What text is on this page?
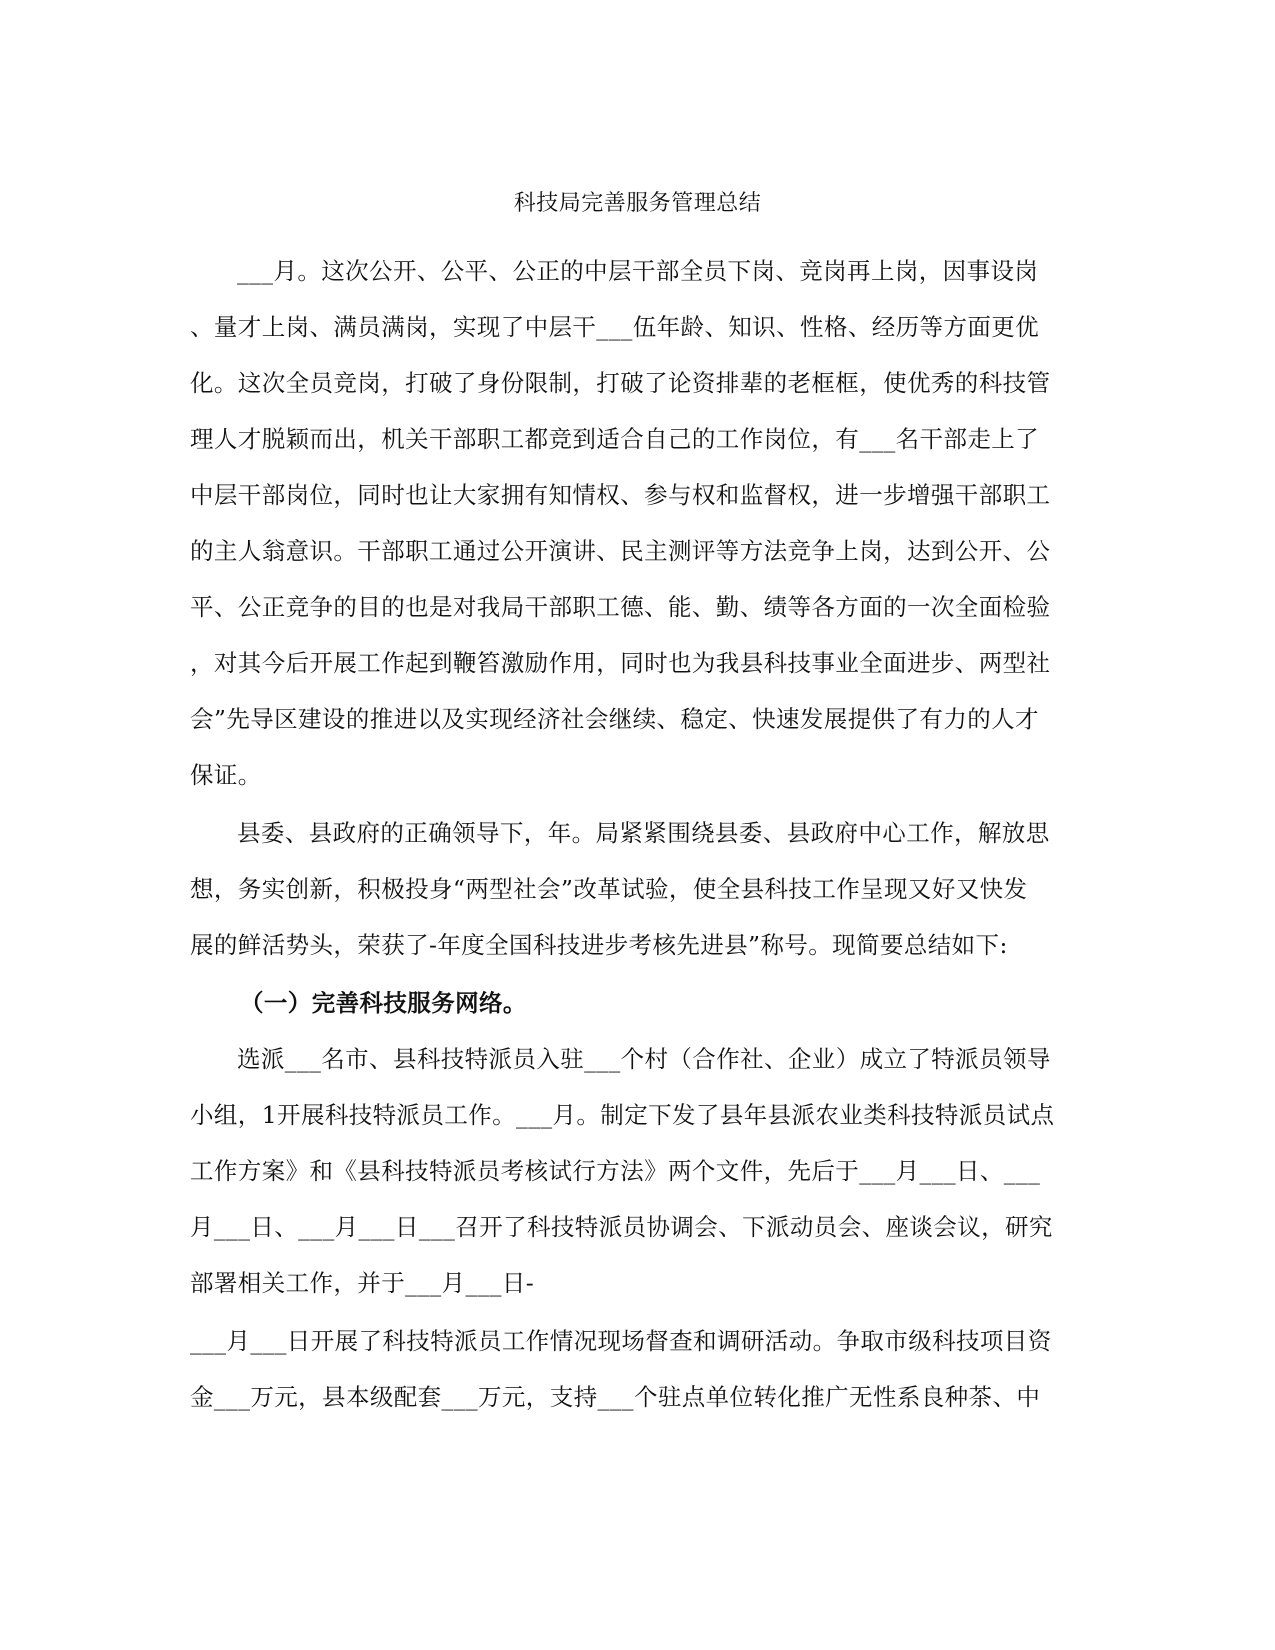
科技局完善服务管理总结
___月。这次公开、公平、公正的中层干部全员下岗、竞岗再上岗，因事设岗
、量才上岗、满员满岗，实现了中层干___伍年龄、知识、性格、经历等方面更优
化。这次全员竞岗，打破了身份限制，打破了论资排辈的老框框，使优秀的科技管
理人才脱颖而出，机关干部职工都竞到适合自己的工作岗位，有___名干部走上了
中层干部岗位，同时也让大家拥有知情权、参与权和监督权，进一步增强干部职工
的主人翁意识。干部职工通过公开演讲、民主测评等方法竞争上岗，达到公开、公
平、公正竞争的目的也是对我局干部职工德、能、勤、绩等各方面的一次全面检验
，对其今后开展工作起到鞭笞激励作用，同时也为我县科技事业全面进步、两型社
会”先导区建设的推进以及实现经济社会继续、稳定、快速发展提供了有力的人才
保证。
县委、县政府的正确领导下，年。局紧紧围绕县委、县政府中心工作，解放思
想，务实创新，积极投身“两型社会”改革试验，使全县科技工作呈现又好又快发
展的鲜活势头，荣获了-年度全国科技进步考核先进县”称号。现简要总结如下:
（一）完善科技服务网络。
选派___名市、县科技特派员入驻___个村（合作社、企业）成立了特派员领导
小组，1开展科技特派员工作。___月。制定下发了县年县派农业类科技特派员试点
工作方案》和《县科技特派员考核试行方法》两个文件，先后于___月___日、___
月___日、___月___日___召开了科技特派员协调会、下派动员会、座谈会议，研究
部署相关工作，并于___月___日-
___月___日开展了科技特派员工作情况现场督查和调研活动。争取市级科技项目资
金___万元，县本级配套___万元，支持___个驻点单位转化推广无性系良种茶、中
